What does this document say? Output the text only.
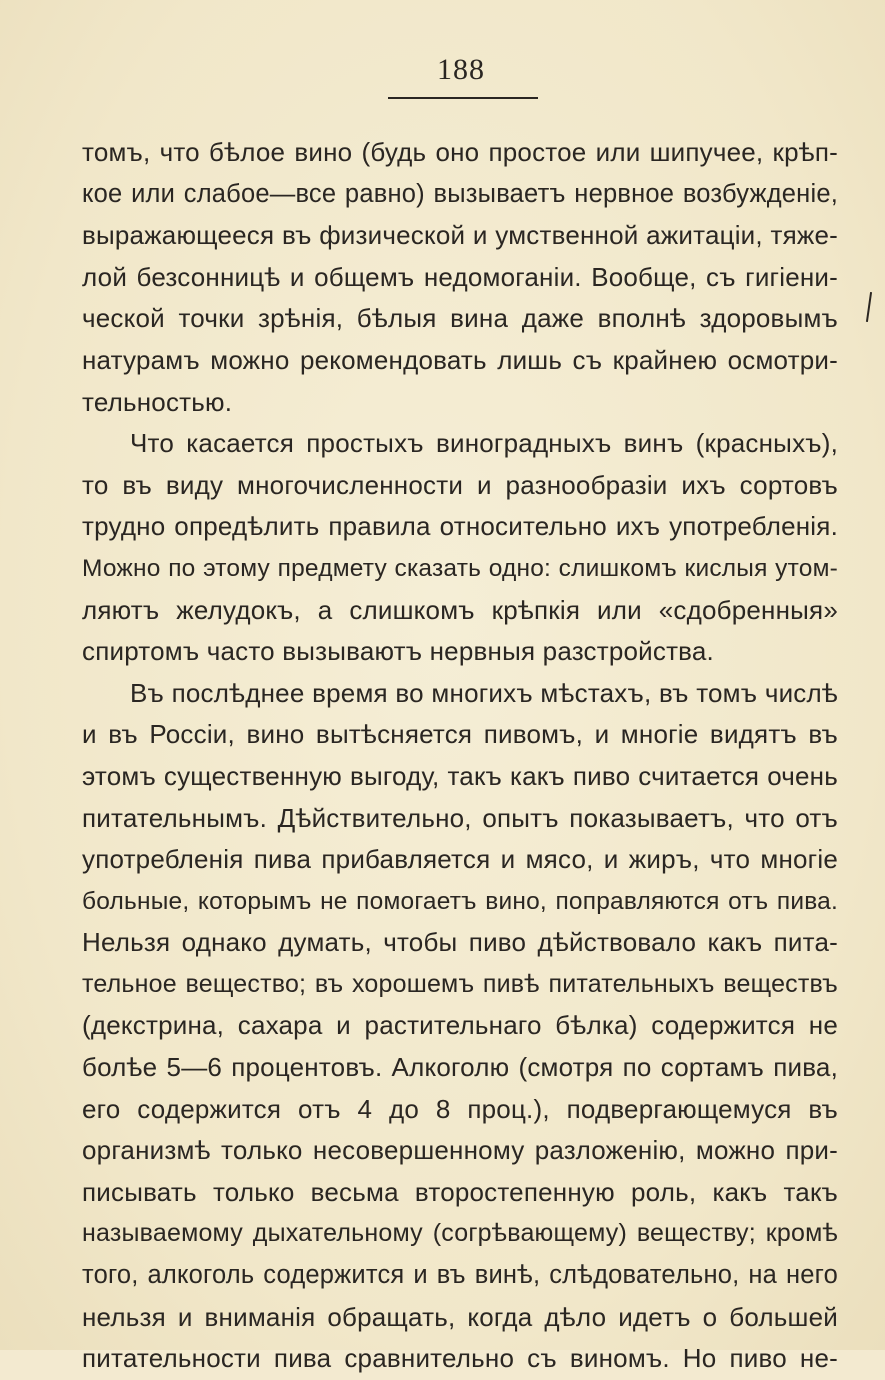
188
томъ, что бѣлое вино (будь оно простое или шипучее, крѣп-
кое или слабое—все равно) вызываетъ нервное возбужденіе,
выражающееся въ физической и умственной ажитаціи, тяже-
лой безсонницѣ и общемъ недомоганіи. Вообще, съ гигіени-
ческой точки зрѣнія, бѣлыя вина даже вполнѣ здоровымъ
натурамъ можно рекомендовать лишь съ крайнею осмотри-
тельностью.
Что касается простыхъ виноградныхъ винъ (красныхъ),
то въ виду многочисленности и разнообразіи ихъ сортовъ
трудно опредѣлить правила относительно ихъ употребленія.
Можно по этому предмету сказать одно: слишкомъ кислыя утом-
ляютъ желудокъ, а слишкомъ крѣпкія или «сдобренныя»
спиртомъ часто вызываютъ нервныя разстройства.
Въ послѣднее время во многихъ мѣстахъ, въ томъ числѣ
и въ Россіи, вино вытѣсняется пивомъ, и многіе видятъ въ
этомъ существенную выгоду, такъ какъ пиво считается очень
питательнымъ. Дѣйствительно, опытъ показываетъ, что отъ
употребленія пива прибавляется и мясо, и жиръ, что многіе
больные, которымъ не помогаетъ вино, поправляются отъ пива.
Нельзя однако думать, чтобы пиво дѣйствовало какъ пита-
тельное вещество; въ хорошемъ пивѣ питательныхъ веществъ
(декстрина, сахара и растительнаго бѣлка) содержится не
болѣе 5—6 процентовъ. Алкоголю (смотря по сортамъ пива,
его содержится отъ 4 до 8 проц.), подвергающемуся въ
организмѣ только несовершенному разложенію, можно при-
писывать только весьма второстепенную роль, какъ такъ
называемому дыхательному (согрѣвающему) веществу; кромѣ
того, алкоголь содержится и въ винѣ, слѣдовательно, на него
нельзя и вниманія обращать, когда дѣло идетъ о большей
питательности пива сравнительно съ виномъ. Но пиво не-
